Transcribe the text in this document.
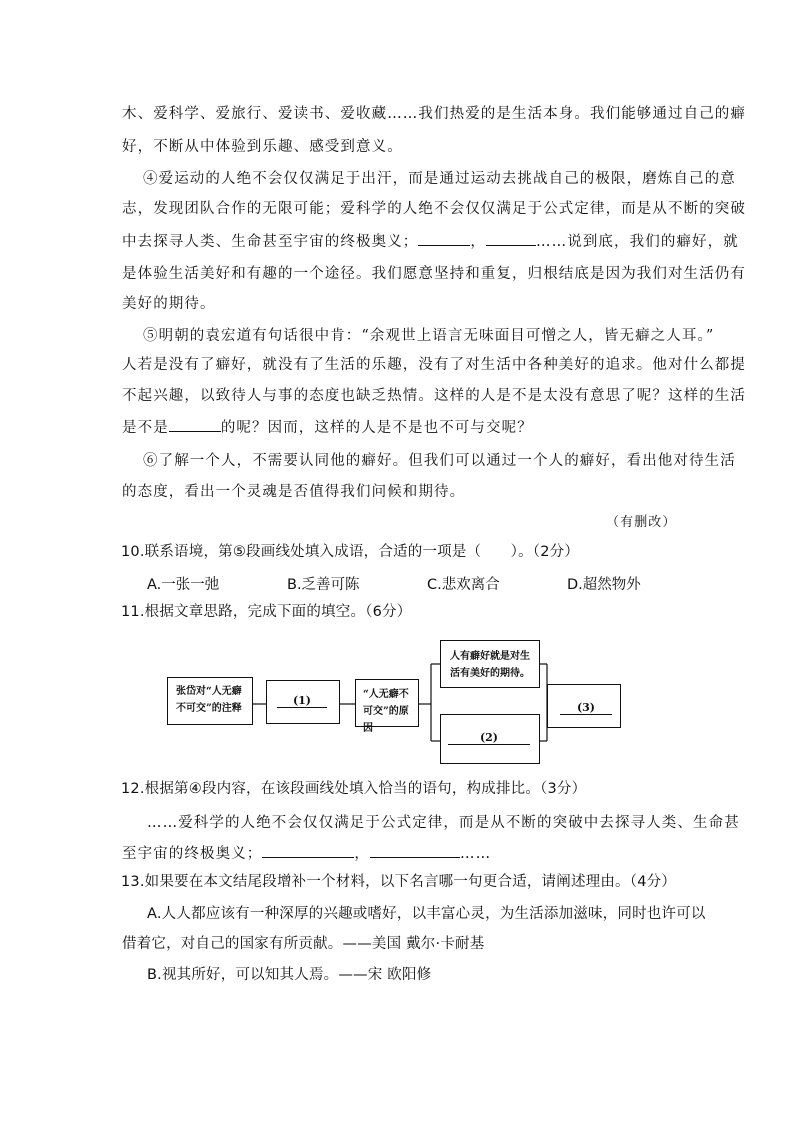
木、爱科学、爱旅行、爱读书、爱收藏……我们热爱的是生活本身。我们能够通过自己的癖
好，不断从中体验到乐趣、感受到意义。
④爱运动的人绝不会仅仅满足于出汗，而是通过运动去挑战自己的极限，磨炼自己的意
志，发现团队合作的无限可能；爱科学的人绝不会仅仅满足于公式定律，而是从不断的突破
中去探寻人类、生命甚至宇宙的终极奥义；	，	……说到底，我们的癖好，就
是体验生活美好和有趣的一个途径。我们愿意坚持和重复，归根结底是因为我们对生活仍有
美好的期待。
⑤明朝的袁宏道有句话很中肯：“余观世上语言无味面目可憎之人，皆无癖之人耳。”
人若是没有了癖好，就没有了生活的乐趣，没有了对生活中各种美好的追求。他对什么都提
不起兴趣，以致待人与事的态度也缺乏热情。这样的人是不是太没有意思了呢？这样的生活
是不是	的呢？因而，这样的人是不是也不可与交呢？
⑥了解一个人，不需要认同他的癖好。但我们可以通过一个人的癖好，看出他对待生活
的态度，看出一个灵魂是否值得我们问候和期待。
（有删改）
10.联系语境，第⑤段画线处填入成语，合适的一项是（　　）。（2分）
A.一张一弛	B.乏善可陈	C.悲欢离合	D.超然物外
11.根据文章思路，完成下面的填空。（6分）
张岱对“人无癖
不可交”的注释
(1)	“人无癖不
可交”的原因
人有癖好就是对生
活有美好的期待。
(2)
(3)
12.根据第④段内容，在该段画线处填入恰当的语句，构成排比。（3分）
……爱科学的人绝不会仅仅满足于公式定律，而是从不断的突破中去探寻人类、生命甚
至宇宙的终极奥义；	，	……
13.如果要在本文结尾段增补一个材料，以下名言哪一句更合适，请阐述理由。（4分）
A.人人都应该有一种深厚的兴趣或嗜好，以丰富心灵，为生活添加滋味，同时也许可以
借着它，对自己的国家有所贡献。——美国 戴尔·卡耐基
B.视其所好，可以知其人焉。——宋 欧阳修
